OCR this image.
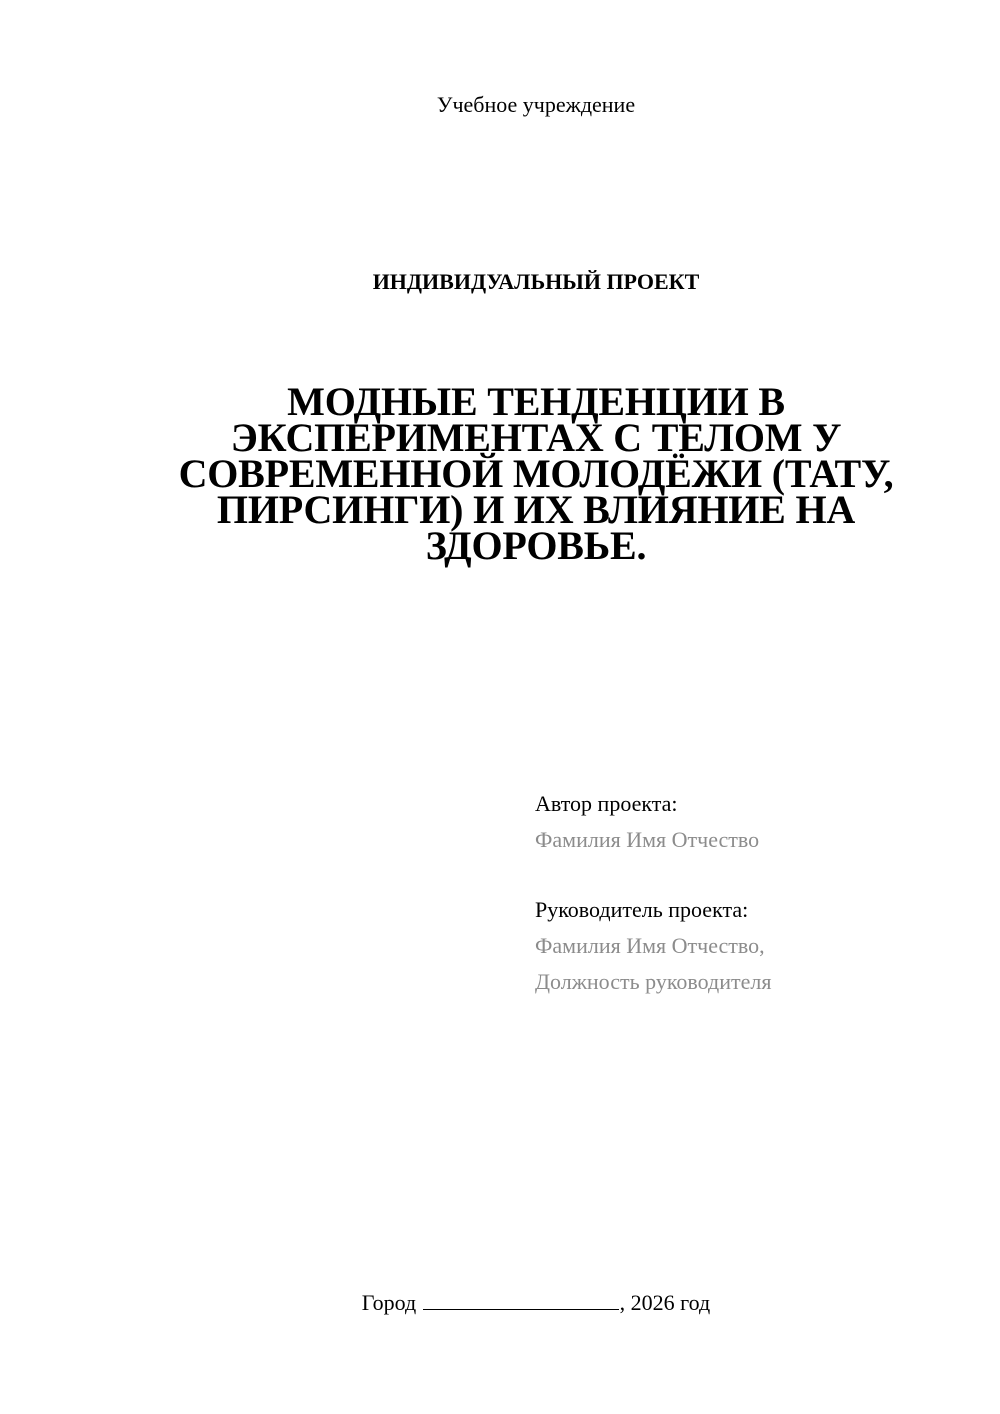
Учебное учреждение
ИНДИВИДУАЛЬНЫЙ ПРОЕКТ
МОДНЫЕ ТЕНДЕНЦИИ В
ЭКСПЕРИМЕНТАХ С ТЕЛОМ У
СОВРЕМЕННОЙ МОЛОДЁЖИ (ТАТУ,
ПИРСИНГИ) И ИХ ВЛИЯНИЕ НА
ЗДОРОВЬЕ.
Автор проекта:
Фамилия Имя Отчество
Руководитель проекта:
Фамилия Имя Отчество,
Должность руководителя
Город	, 2026 год
